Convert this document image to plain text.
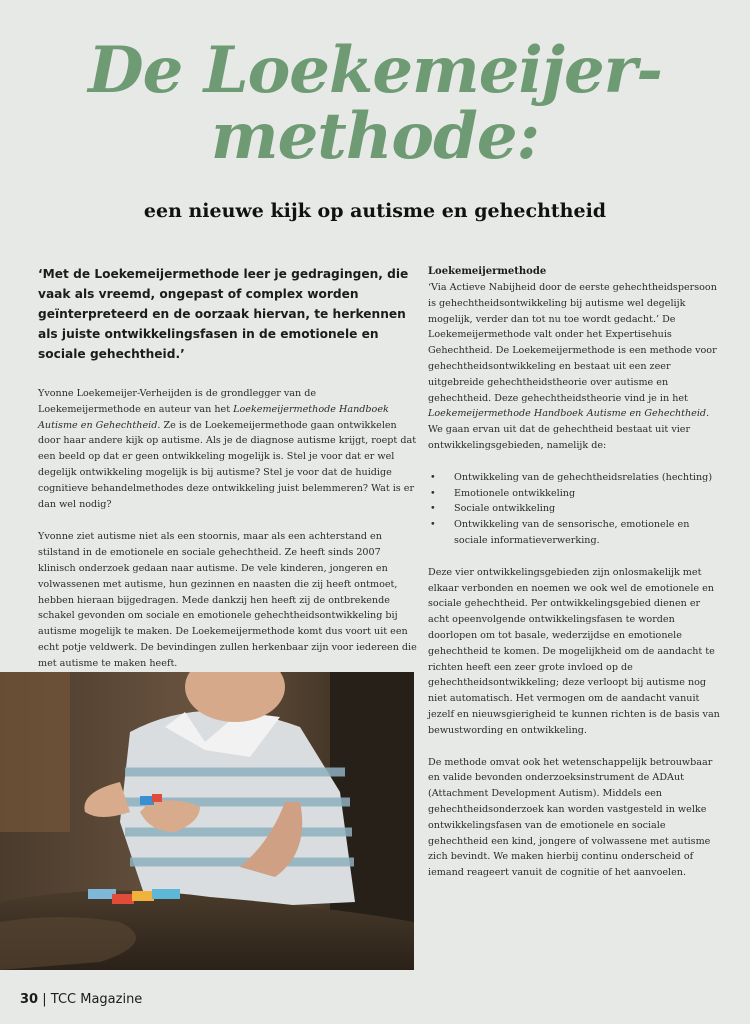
De Loekemeijer-
methode:
een nieuwe kijk op autisme en gehechtheid

‘Met de Loekemeijermethode leer je gedragingen, die vaak als vreemd, ongepast of complex worden geïnterpreteerd en de oorzaak hiervan, te herkennen als juiste ontwikkelingsfasen in de emotionele en sociale gehechtheid.’

Yvonne Loekemeijer-Verheijden is de grondlegger van de Loekemeijermethode en auteur van het Loekemeijermethode Handboek Autisme en Gehechtheid. Ze is de Loekemeijermethode gaan ontwikkelen door haar andere kijk op autisme. Als je de diagnose autisme krijgt, roept dat een beeld op dat er geen ontwikkeling mogelijk is. Stel je voor dat er wel degelijk ontwikkeling mogelijk is bij autisme? Stel je voor dat de huidige cognitieve behandelmethodes deze ontwikkeling juist belemmeren? Wat is er dan wel nodig?

Yvonne ziet autisme niet als een stoornis, maar als een achterstand en stilstand in de emotionele en sociale gehechtheid. Ze heeft sinds 2007 klinisch onderzoek gedaan naar autisme. De vele kinderen, jongeren en volwassenen met autisme, hun gezinnen en naasten die zij heeft ontmoet, hebben hieraan bijgedragen. Mede dankzij hen heeft zij de ontbrekende schakel gevonden om sociale en emotionele gehechtheidsontwikkeling bij autisme mogelijk te maken. De Loekemeijermethode komt dus voort uit een echt potje veldwerk. De bevindingen zullen herkenbaar zijn voor iedereen die met autisme te maken heeft.

Loekemeijermethode

‘Via Actieve Nabijheid door de eerste gehechtheidspersoon is gehechtheidsontwikkeling bij autisme wel degelijk mogelijk, verder dan tot nu toe wordt gedacht.’ De Loekemeijermethode valt onder het Expertisehuis Gehechtheid. De Loekemeijermethode is een methode voor gehechtheidsontwikkeling en bestaat uit een zeer uitgebreide gehechtheidstheorie over autisme en gehechtheid. Deze gehechtheidstheorie vind je in het Loekemeijermethode Handboek Autisme en Gehechtheid. We gaan ervan uit dat de gehechtheid bestaat uit vier ontwikkelingsgebieden, namelijk de:

• Ontwikkeling van de gehechtheidsrelaties (hechting)
• Emotionele ontwikkeling
• Sociale ontwikkeling
• Ontwikkeling van de sensorische, emotionele en sociale informatieverwerking.

Deze vier ontwikkelingsgebieden zijn onlosmakelijk met elkaar verbonden en noemen we ook wel de emotionele en sociale gehechtheid. Per ontwikkelingsgebied dienen er acht opeenvolgende ontwikkelingsfasen te worden doorlopen om tot basale, wederzijdse en emotionele gehechtheid te komen. De mogelijkheid om de aandacht te richten heeft een zeer grote invloed op de gehechtheidsontwikkeling; deze verloopt bij autisme nog niet automatisch. Het vermogen om de aandacht vanuit jezelf en nieuwsgierigheid te kunnen richten is de basis van bewustwording en ontwikkeling.

De methode omvat ook het wetenschappelijk betrouwbaar en valide bevonden onderzoeksinstrument de ADAut (Attachment Development Autism). Middels een gehechtheidsonderzoek kan worden vastgesteld in welke ontwikkelingsfasen van de emotionele en sociale gehechtheid een kind, jongere of volwassene met autisme zich bevindt. We maken hierbij continu onderscheid of iemand reageert vanuit de cognitie of het aanvoelen.

30 | TCC Magazine
